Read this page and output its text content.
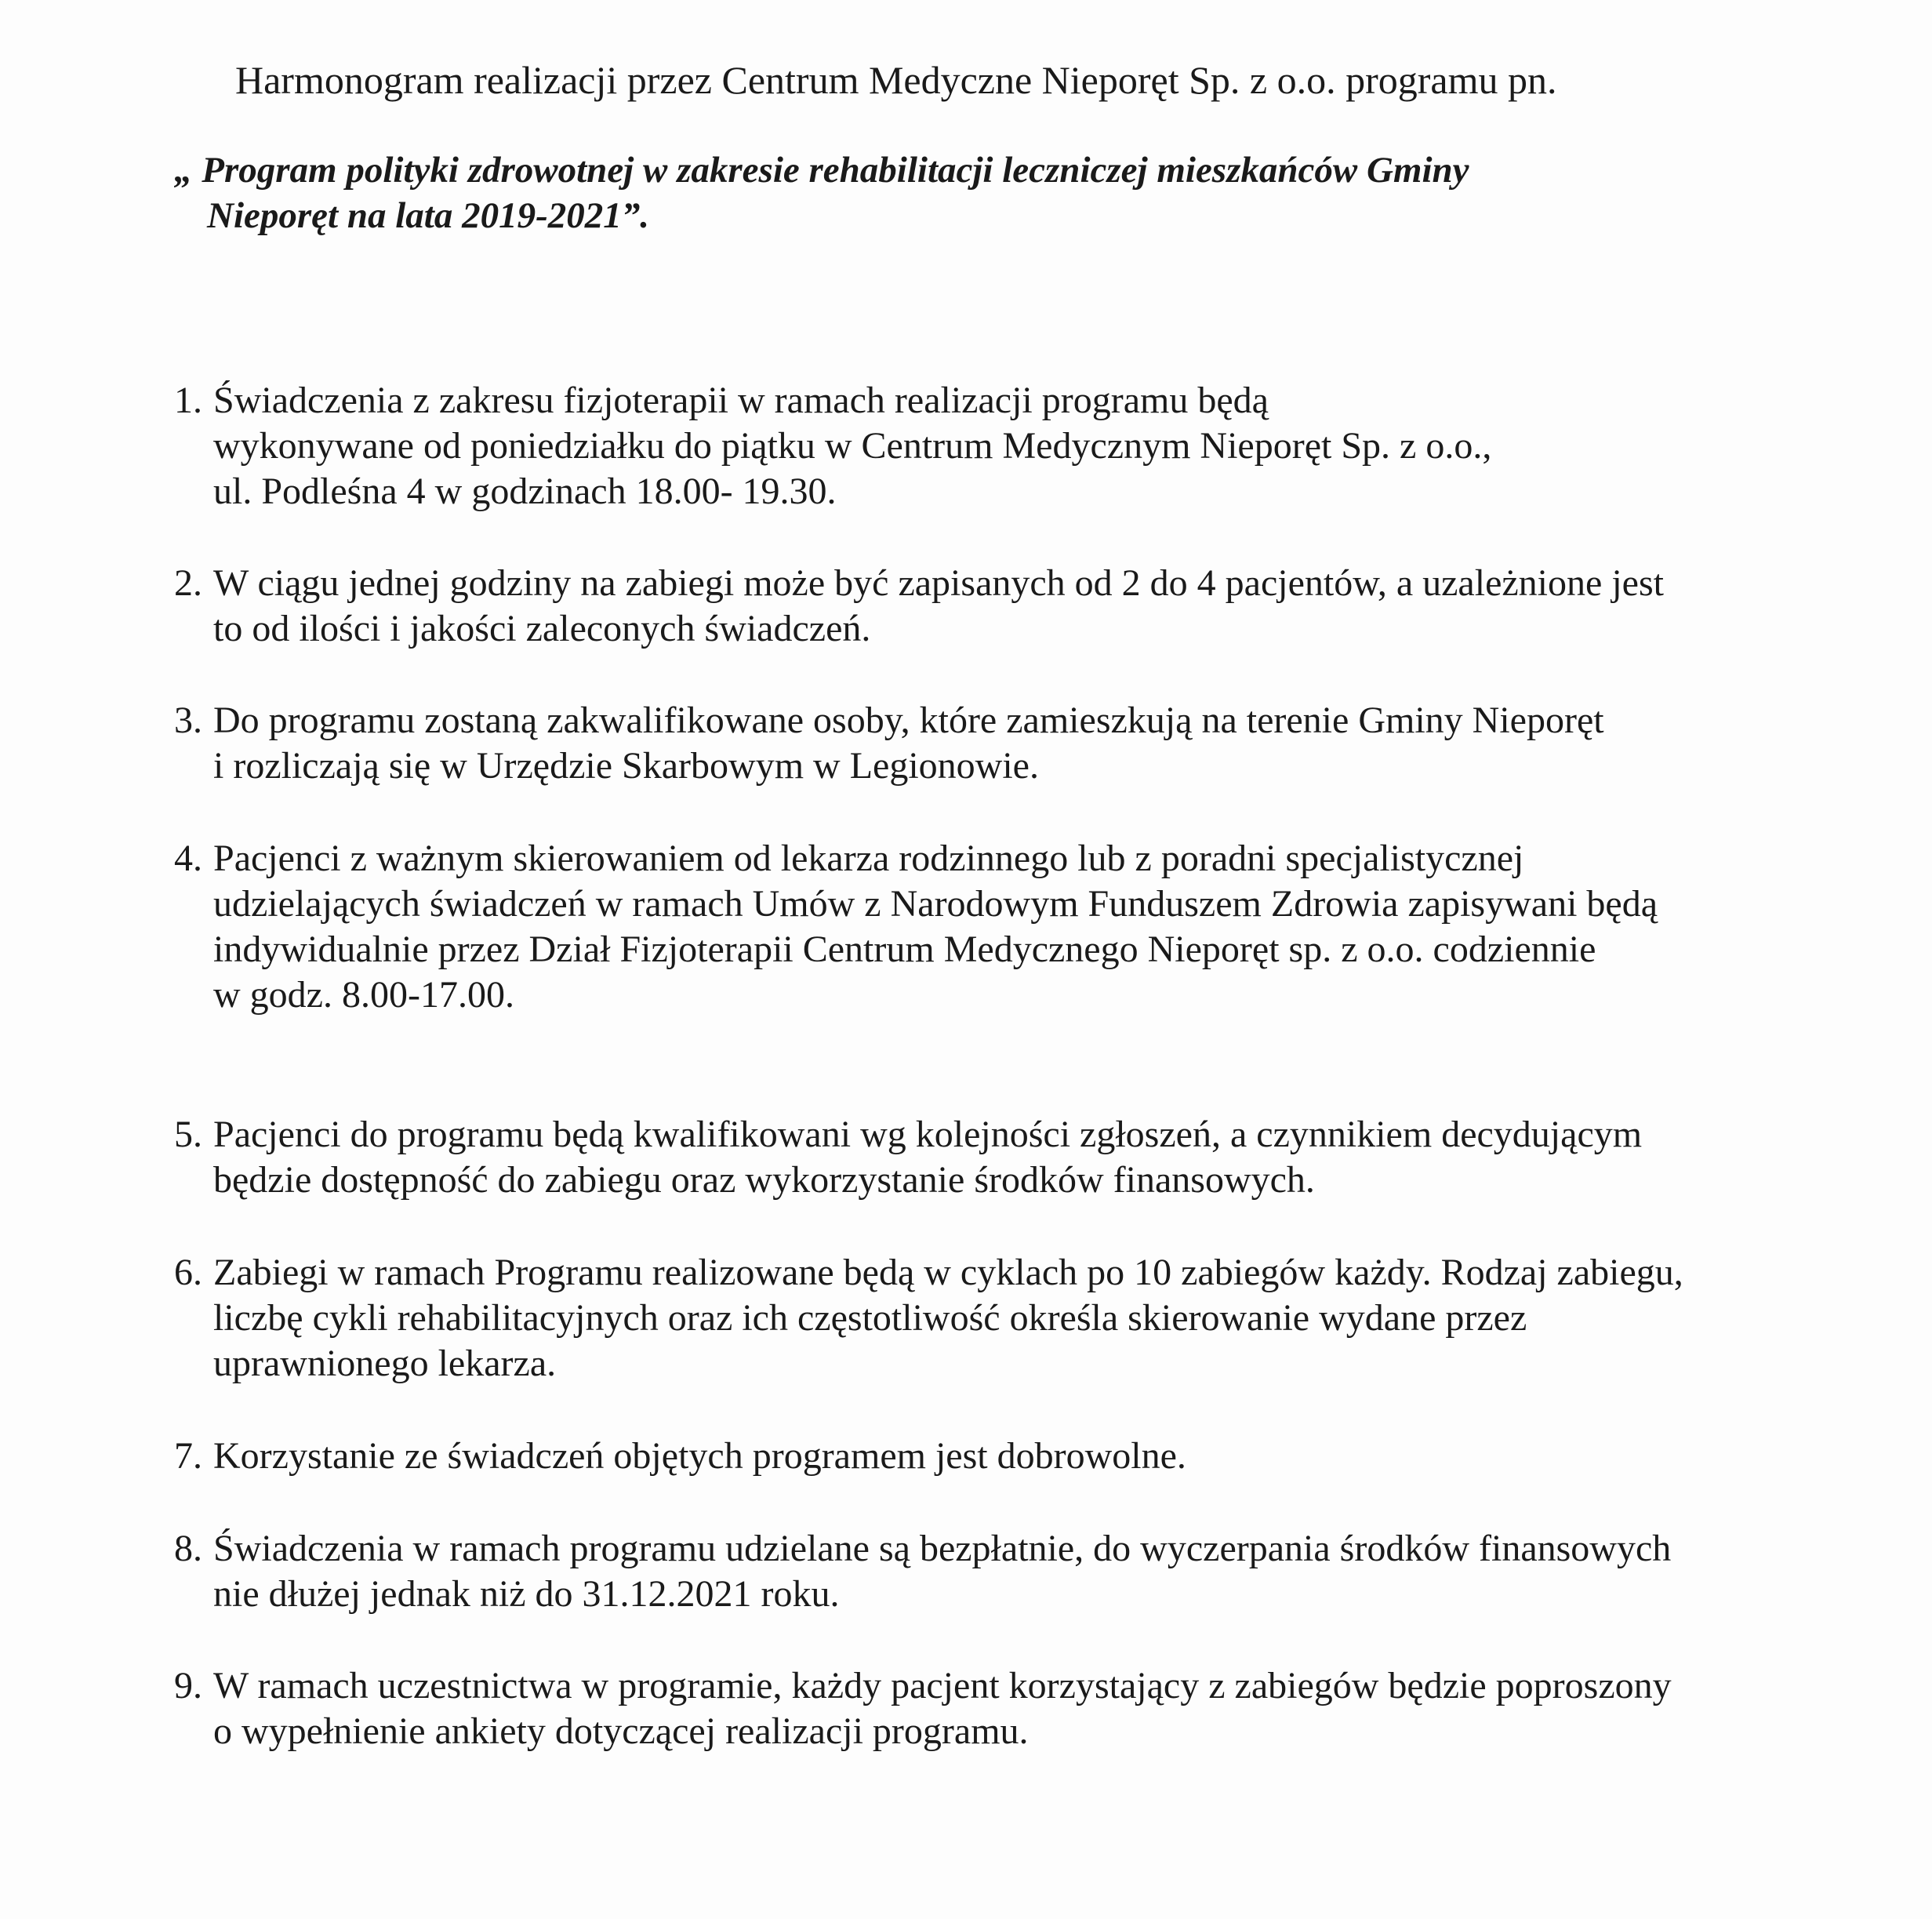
Harmonogram realizacji przez Centrum Medyczne Nieporęt Sp. z o.o. programu pn.
„ Program polityki zdrowotnej w zakresie rehabilitacji leczniczej mieszkańców Gminy
Nieporęt na lata 2019-2021”.
1. Świadczenia z zakresu fizjoterapii w ramach realizacji programu będą
wykonywane od poniedziałku do piątku w Centrum Medycznym Nieporęt Sp. z o.o.,
ul. Podleśna 4 w godzinach 18.00- 19.30.
2. W ciągu jednej godziny na zabiegi może być zapisanych od 2 do 4 pacjentów, a uzależnione jest
to od ilości i jakości zaleconych świadczeń.
3. Do programu zostaną zakwalifikowane osoby, które zamieszkują na terenie Gminy Nieporęt
i rozliczają się w Urzędzie Skarbowym w Legionowie.
4. Pacjenci z ważnym skierowaniem od lekarza rodzinnego lub z poradni specjalistycznej
udzielających świadczeń w ramach Umów z Narodowym Funduszem Zdrowia zapisywani będą
indywidualnie przez Dział Fizjoterapii Centrum Medycznego Nieporęt sp. z o.o. codziennie
w godz. 8.00-17.00.
5. Pacjenci do programu będą kwalifikowani wg kolejności zgłoszeń, a czynnikiem decydującym
będzie dostępność do zabiegu oraz wykorzystanie środków finansowych.
6. Zabiegi w ramach Programu realizowane będą w cyklach po 10 zabiegów każdy. Rodzaj zabiegu,
liczbę cykli rehabilitacyjnych oraz ich częstotliwość określa skierowanie wydane przez
uprawnionego lekarza.
7. Korzystanie ze świadczeń objętych programem jest dobrowolne.
8. Świadczenia w ramach programu udzielane są bezpłatnie, do wyczerpania środków finansowych
nie dłużej jednak niż do 31.12.2021 roku.
9. W ramach uczestnictwa w programie, każdy pacjent korzystający z zabiegów będzie poproszony
o wypełnienie ankiety dotyczącej realizacji programu.
